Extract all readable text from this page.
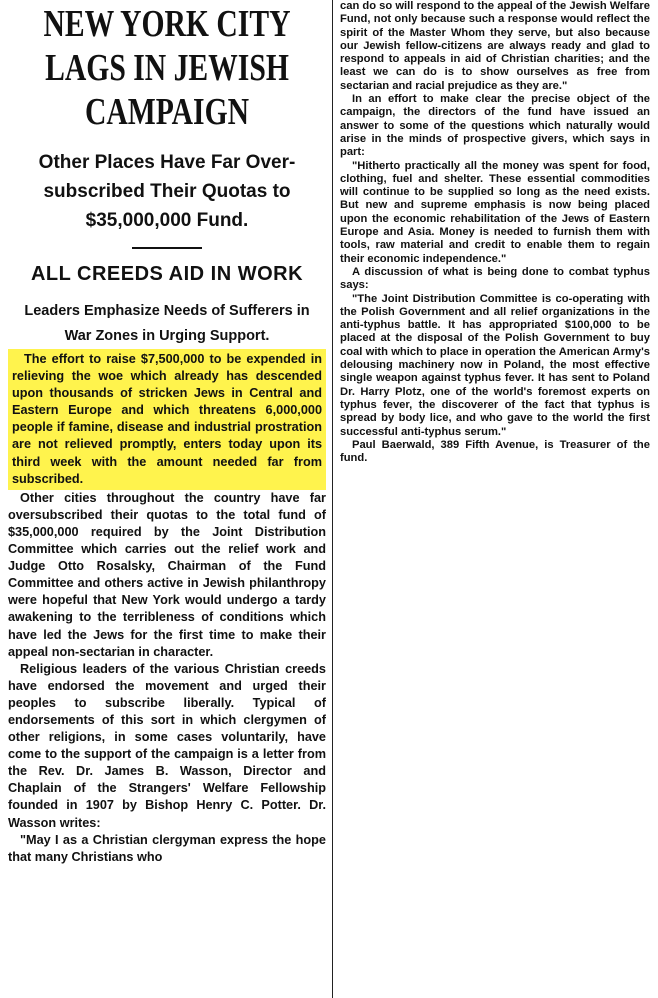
NEW YORK CITY LAGS IN JEWISH CAMPAIGN
Other Places Have Far Over-subscribed Their Quotas to $35,000,000 Fund.
ALL CREEDS AID IN WORK
Leaders Emphasize Needs of Sufferers in War Zones in Urging Support.

The effort to raise $7,500,000 to be expended in relieving the woe which already has descended upon thousands of stricken Jews in Central and Eastern Europe and which threatens 6,000,000 people if famine, disease and industrial prostration are not relieved promptly, enters today upon its third week with the amount needed far from subscribed.

Other cities throughout the country have far oversubscribed their quotas to the total fund of $35,000,000 required by the Joint Distribution Committee which carries out the relief work and Judge Otto Rosalsky, Chairman of the Fund Committee and others active in Jewish philanthropy were hopeful that New York would undergo a tardy awakening to the terribleness of conditions which have led the Jews for the first time to make their appeal non-sectarian in character.

Religious leaders of the various Christian creeds have endorsed the movement and urged their peoples to subscribe liberally. Typical of endorsements of this sort in which clergymen of other religions, in some cases voluntarily, have come to the support of the campaign is a letter from the Rev. Dr. James B. Wasson, Director and Chaplain of the Strangers' Welfare Fellowship founded in 1907 by Bishop Henry C. Potter. Dr. Wasson writes:

"May I as a Christian clergyman express the hope that many Christians who

can do so will respond to the appeal of the Jewish Welfare Fund, not only because such a response would reflect the spirit of the Master Whom they serve, but also because our Jewish fellow-citizens are always ready and glad to respond to appeals in aid of Christian charities; and the least we can do is to show ourselves as free from sectarian and racial prejudice as they are."

In an effort to make clear the precise object of the campaign, the directors of the fund have issued an answer to some of the questions which naturally would arise in the minds of prospective givers, which says in part:

"Hitherto practically all the money was spent for food, clothing, fuel and shelter. These essential commodities will continue to be supplied so long as the need exists. But new and supreme emphasis is now being placed upon the economic rehabilitation of the Jews of Eastern Europe and Asia. Money is needed to furnish them with tools, raw material and credit to enable them to regain their economic independence."

A discussion of what is being done to combat typhus says:

"The Joint Distribution Committee is co-operating with the Polish Government and all relief organizations in the anti-typhus battle. It has appropriated $100,000 to be placed at the disposal of the Polish Government to buy coal with which to place in operation the American Army's delousing machinery now in Poland, the most effective single weapon against typhus fever. It has sent to Poland Dr. Harry Plotz, one of the world's foremost experts on typhus fever, the discoverer of the fact that typhus is spread by body lice, and who gave to the world the first successful anti-typhus serum."

Paul Baerwald, 389 Fifth Avenue, is Treasurer of the fund.
